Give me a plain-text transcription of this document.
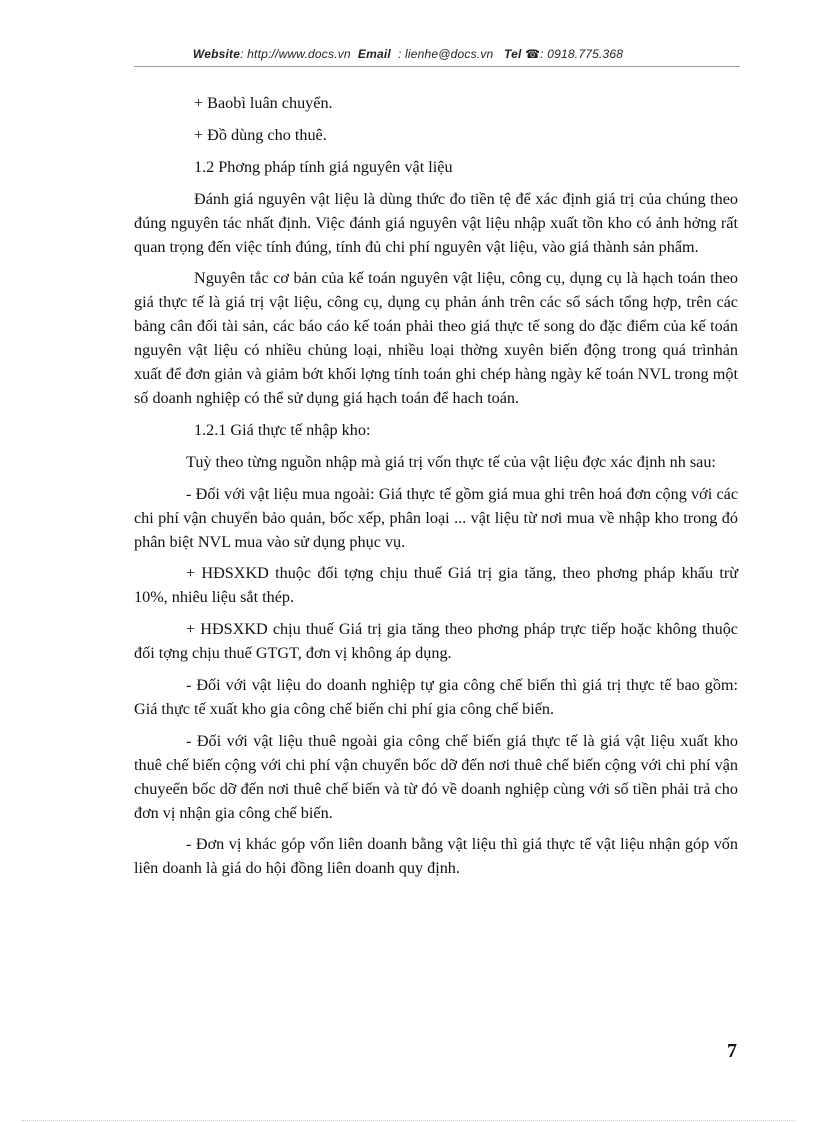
Website: http://www.docs.vn Email : lienhe@docs.vn Tel ☎: 0918.775.368

+ Baobì luân chuyển.

+ Đồ dùng cho thuê.

1.2 Phơng pháp tính giá nguyên vật liệu

Đánh giá nguyên vật liệu là dùng thức đo tiền tệ để xác định giá trị của chúng theo đúng nguyên tác nhất định. Việc đánh giá nguyên vật liệu nhập xuất tồn kho có ảnh hởng rất quan trọng đến việc tính đúng, tính đủ chi phí nguyên vật liệu, vào giá thành sản phẩm.

Nguyên tắc cơ bản của kế toán nguyên vật liệu, công cụ, dụng cụ là hạch toán theo giá thực tế là giá trị vật liệu, công cụ, dụng cụ phản ánh trên các sổ sách tổng hợp, trên các bảng cân đối tài sản, các báo cáo kế toán phải theo giá thực tế song do đặc điểm của kế toán nguyên vật liệu có nhiều chủng loại, nhiều loại thờng xuyên biến động trong quá trìnhản xuất để đơn giản và giảm bớt khối lợng tính toán ghi chép hàng ngày kế toán NVL trong một số doanh nghiệp có thể sử dụng giá hạch toán để hach toán.

1.2.1 Giá thực tế nhập kho:

Tuỳ theo từng nguồn nhập mà giá trị vốn thực tế của vật liệu đợc xác định nh sau:

- Đối với vật liệu mua ngoài: Giá thực tế gồm giá mua ghi trên hoá đơn cộng với các chi phí vận chuyển bảo quản, bốc xếp, phân loại ... vật liệu từ nơi mua về nhập kho trong đó phân biệt NVL mua vào sử dụng phục vụ.

+ HĐSXKD thuộc đối tợng chịu thuế Giá trị gia tăng, theo phơng pháp khấu trừ 10%, nhiêu liệu sắt thép.

+ HĐSXKD chịu thuế Giá trị gia tăng theo phơng pháp trực tiếp hoặc không thuộc đối tợng chịu thuế GTGT, đơn vị không áp dụng.

- Đối với vật liệu do doanh nghiệp tự gia công chế biến thì giá trị thực tế bao gồm: Giá thực tế xuất kho gia công chế biến chi phí gia công chế biến.

- Đối với vật liệu thuê ngoài gia công chế biến giá thực tế là giá vật liệu xuất kho thuê chế biến cộng với chi phí vận chuyển bốc dỡ đến nơi thuê chế biến cộng với chi phí vận chuyeển bốc dỡ đến nơi thuê chế biến và từ đó về doanh nghiệp cùng với số tiền phải trả cho đơn vị nhận gia công chế biến.

- Đơn vị khác góp vốn liên doanh bằng vật liệu thì giá thực tế vật liệu nhận góp vốn liên doanh là giá do hội đồng liên doanh quy định.

7
